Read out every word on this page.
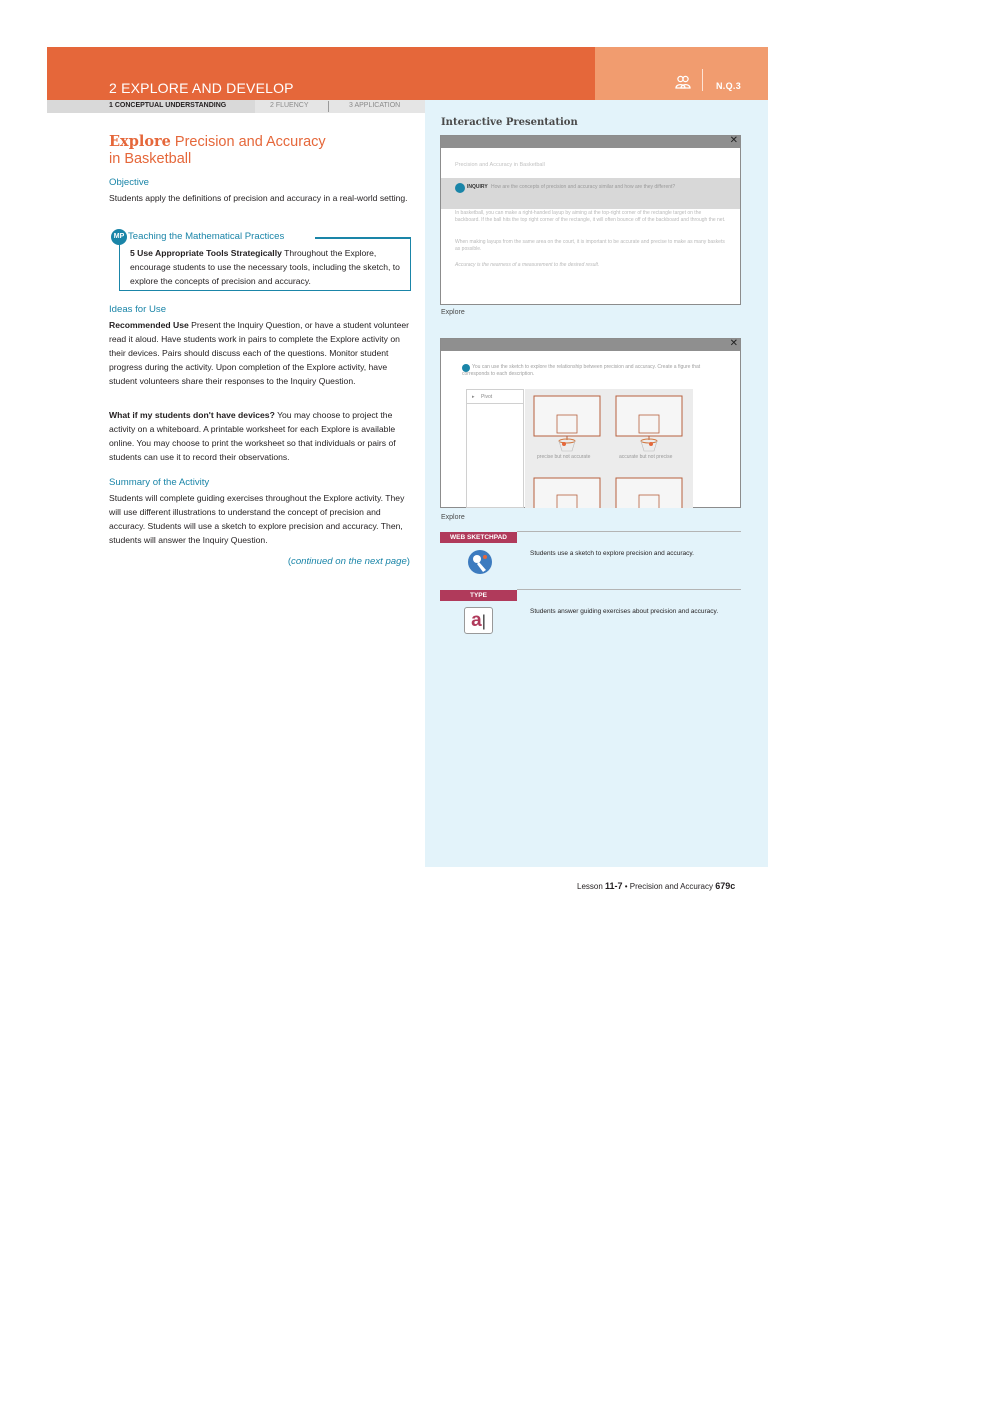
2 EXPLORE AND DEVELOP	N.Q.3
1 CONCEPTUAL UNDERSTANDING	2 FLUENCY	3 APPLICATION
Explore Precision and Accuracy
in Basketball
Objective
Students apply the definitions of precision and accuracy in a real-world setting.
MP Teaching the Mathematical Practices
5 Use Appropriate Tools Strategically Throughout the Explore, encourage students to use the necessary tools, including the sketch, to explore the concepts of precision and accuracy.
Ideas for Use
Recommended Use Present the Inquiry Question, or have a student volunteer read it aloud. Have students work in pairs to complete the Explore activity on their devices. Pairs should discuss each of the questions. Monitor student progress during the activity. Upon completion of the Explore activity, have student volunteers share their responses to the Inquiry Question.
What if my students don't have devices? You may choose to project the activity on a whiteboard. A printable worksheet for each Explore is available online. You may choose to print the worksheet so that individuals or pairs of students can use it to record their observations.
Summary of the Activity
Students will complete guiding exercises throughout the Explore activity. They will use different illustrations to understand the concept of precision and accuracy. Students will use a sketch to explore precision and accuracy. Then, students will answer the Inquiry Question.
(continued on the next page)
Interactive Presentation
✕
Precision and Accuracy in Basketball
INQUIRY How are the concepts of precision and accuracy similar and how are they different?
In basketball, you can make a right-handed layup by aiming at the top-right corner of the rectangle target on the backboard. If the ball hits the top right corner of the rectangle, it will often bounce off of the backboard and through the net.
When making layups from the same area on the court, it is important to be accurate and precise to make as many baskets as possible.
Accuracy is the nearness of a measurement to the desired result.
Explore
✕
You can use the sketch to explore the relationship between precision and accuracy. Create a figure that corresponds to each description.
▸ Pivot
precise but not accurate	accurate but not precise
Explore
WEB SKETCHPAD
Students use a sketch to explore precision and accuracy.
TYPE
a|
Students answer guiding exercises about precision and accuracy.
Lesson 11-7 • Precision and Accuracy 679c
